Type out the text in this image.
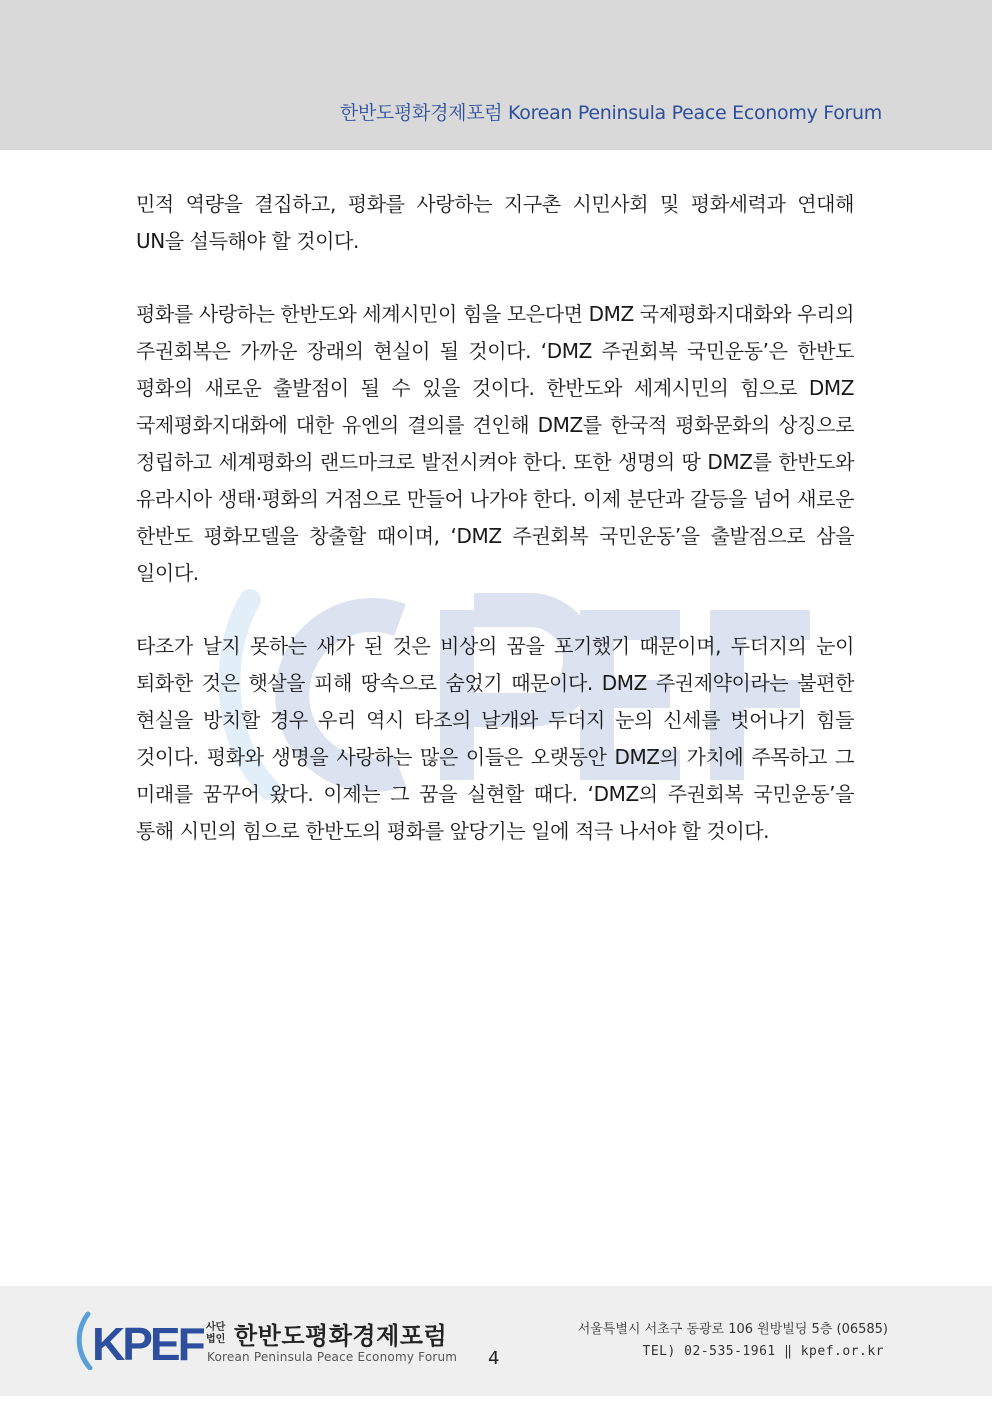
한반도평화경제포럼 Korean Peninsula Peace Economy Forum

민적 역량을 결집하고, 평화를 사랑하는 지구촌 시민사회 및 평화세력과 연대해 UN을 설득해야 할 것이다.

평화를 사랑하는 한반도와 세계시민이 힘을 모은다면 DMZ 국제평화지대화와 우리의 주권회복은 가까운 장래의 현실이 될 것이다. ‘DMZ 주권회복 국민운동’은 한반도 평화의 새로운 출발점이 될 수 있을 것이다. 한반도와 세계시민의 힘으로 DMZ 국제평화지대화에 대한 유엔의 결의를 견인해 DMZ를 한국적 평화문화의 상징으로 정립하고 세계평화의 랜드마크로 발전시켜야 한다. 또한 생명의 땅 DMZ를 한반도와 유라시아 생태·평화의 거점으로 만들어 나가야 한다. 이제 분단과 갈등을 넘어 새로운 한반도 평화모델을 창출할 때이며, ‘DMZ 주권회복 국민운동’을 출발점으로 삼을 일이다.

타조가 날지 못하는 새가 된 것은 비상의 꿈을 포기했기 때문이며, 두더지의 눈이 퇴화한 것은 햇살을 피해 땅속으로 숨었기 때문이다. DMZ 주권제약이라는 불편한 현실을 방치할 경우 우리 역시 타조의 날개와 두더지 눈의 신세를 벗어나기 힘들 것이다. 평화와 생명을 사랑하는 많은 이들은 오랫동안 DMZ의 가치에 주목하고 그 미래를 꿈꾸어 왔다. 이제는 그 꿈을 실현할 때다. ‘DMZ의 주권회복 국민운동’을 통해 시민의 힘으로 한반도의 평화를 앞당기는 일에 적극 나서야 할 것이다.

KPEF 사단법인 한반도평화경제포럼
Korean Peninsula Peace Economy Forum 4
서울특별시 서초구 동광로 106 원방빌딩 5층 (06585)
TEL) 02-535-1961 ‖ kpef.or.kr
